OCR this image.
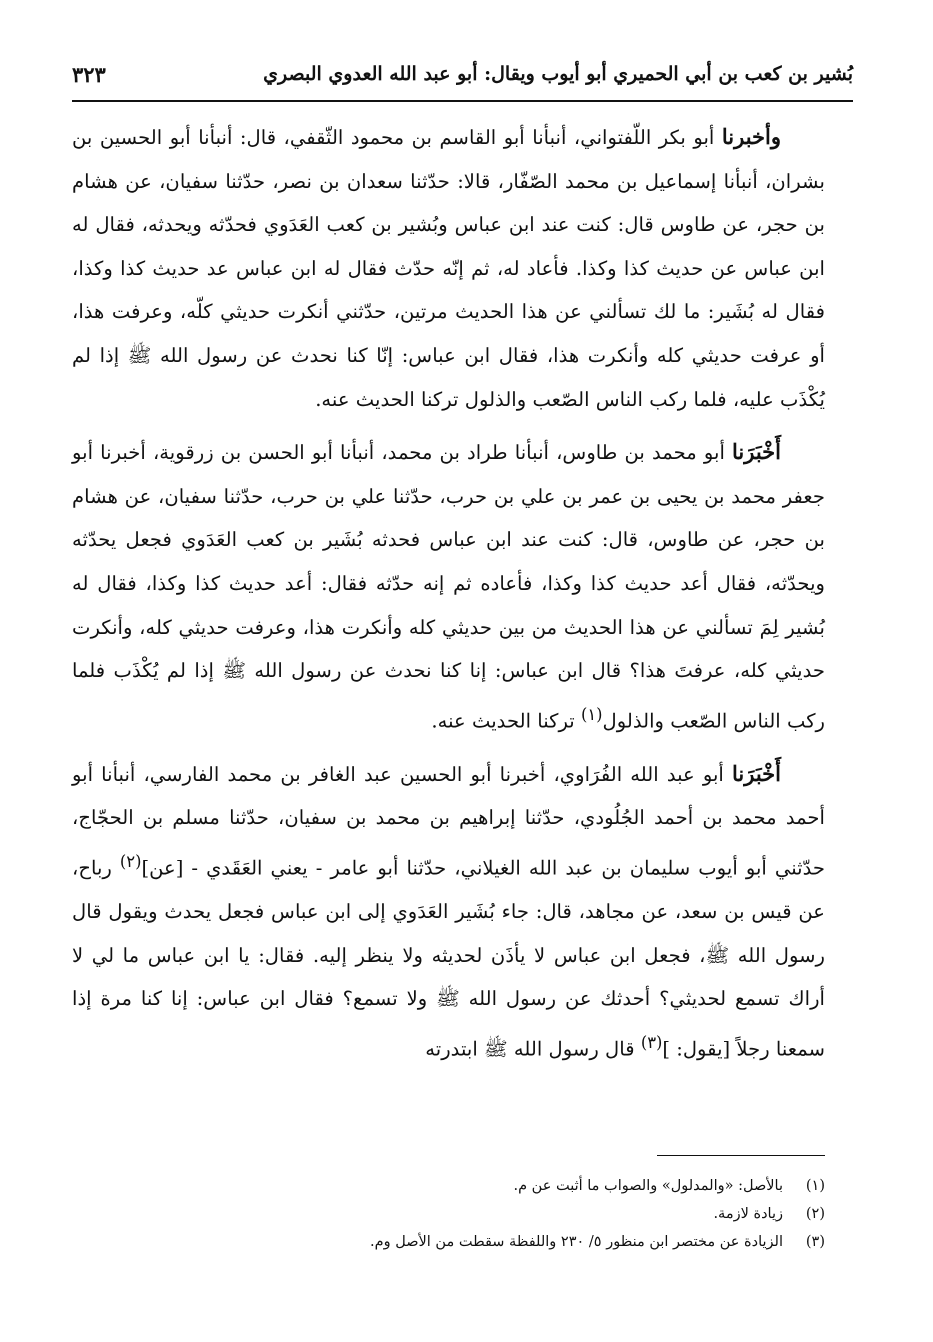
بُشير بن كعب بن أبي الحميري أبو أيوب ويقال: أبو عبد الله العدوي البصري
٣٢٣

وأخبرنا أبو بكر اللّفتواني، أنبأنا أبو القاسم بن محمود الثّقفي، قال: أنبأنا أبو الحسين بن بشران، أنبأنا إسماعيل بن محمد الصّفّار، قالا: حدّثنا سعدان بن نصر، حدّثنا سفيان، عن هشام بن حجر، عن طاوس قال: كنت عند ابن عباس وبُشير بن كعب العَدَوي فحدّثه ويحدثه، فقال له ابن عباس عن حديث كذا وكذا. فأعاد له، ثم إنّه حدّث فقال له ابن عباس عد حديث كذا وكذا، فقال له بُشَير: ما لك تسألني عن هذا الحديث مرتين، حدّثني أنكرت حديثي كلّه، وعرفت هذا، أو عرفت حديثي كله وأنكرت هذا، فقال ابن عباس: إنّا كنا نحدث عن رسول الله ﷺ إذا لم يُكْذَب عليه، فلما ركب الناس الصّعب والذلول تركنا الحديث عنه.

أَخْبَرَنا أبو محمد بن طاوس، أنبأنا طراد بن محمد، أنبأنا أبو الحسن بن زرقوية، أخبرنا أبو جعفر محمد بن يحيى بن عمر بن علي بن حرب، حدّثنا علي بن حرب، حدّثنا سفيان، عن هشام بن حجر، عن طاوس، قال: كنت عند ابن عباس فحدثه بُشَير بن كعب العَدَوي فجعل يحدّثه ويحدّثه، فقال أعد حديث كذا وكذا، فأعاده ثم إنه حدّثه فقال: أعد حديث كذا وكذا، فقال له بُشير لِمَ تسألني عن هذا الحديث من بين حديثي كله وأنكرت هذا، وعرفت حديثي كله، وأنكرت حديثي كله، عرفتَ هذا؟ قال ابن عباس: إنا كنا نحدث عن رسول الله ﷺ إذا لم يُكْذَب فلما ركب الناس الصّعب والذلول$^{(١)}$ تركنا الحديث عنه.

أَخْبَرَنا أبو عبد الله الفُرَاوي، أخبرنا أبو الحسين عبد الغافر بن محمد الفارسي، أنبأنا أبو أحمد محمد بن أحمد الجُلُودي، حدّثنا إبراهيم بن محمد بن سفيان، حدّثنا مسلم بن الحجّاج، حدّثني أبو أيوب سليمان بن عبد الله الغيلاني، حدّثنا أبو عامر - يعني العَقَدي - [عن]$^{(٢)}$ رباح، عن قيس بن سعد، عن مجاهد، قال: جاء بُشَير العَدَوي إلى ابن عباس فجعل يحدث ويقول قال رسول الله ﷺ، فجعل ابن عباس لا يأذَن لحديثه ولا ينظر إليه. فقال: يا ابن عباس ما لي لا أراك تسمع لحديثي؟ أحدثك عن رسول الله ﷺ ولا تسمع؟ فقال ابن عباس: إنا كنا مرة إذا سمعنا رجلاً [يقول: ]$^{(٣)}$ قال رسول الله ﷺ ابتدرته

(١)
بالأصل: «والمدلول» والصواب ما أثبت عن م.
(٢)
زيادة لازمة.
(٣)
الزيادة عن مختصر ابن منظور ٥/ ٢٣٠ واللفظة سقطت من الأصل وم.
